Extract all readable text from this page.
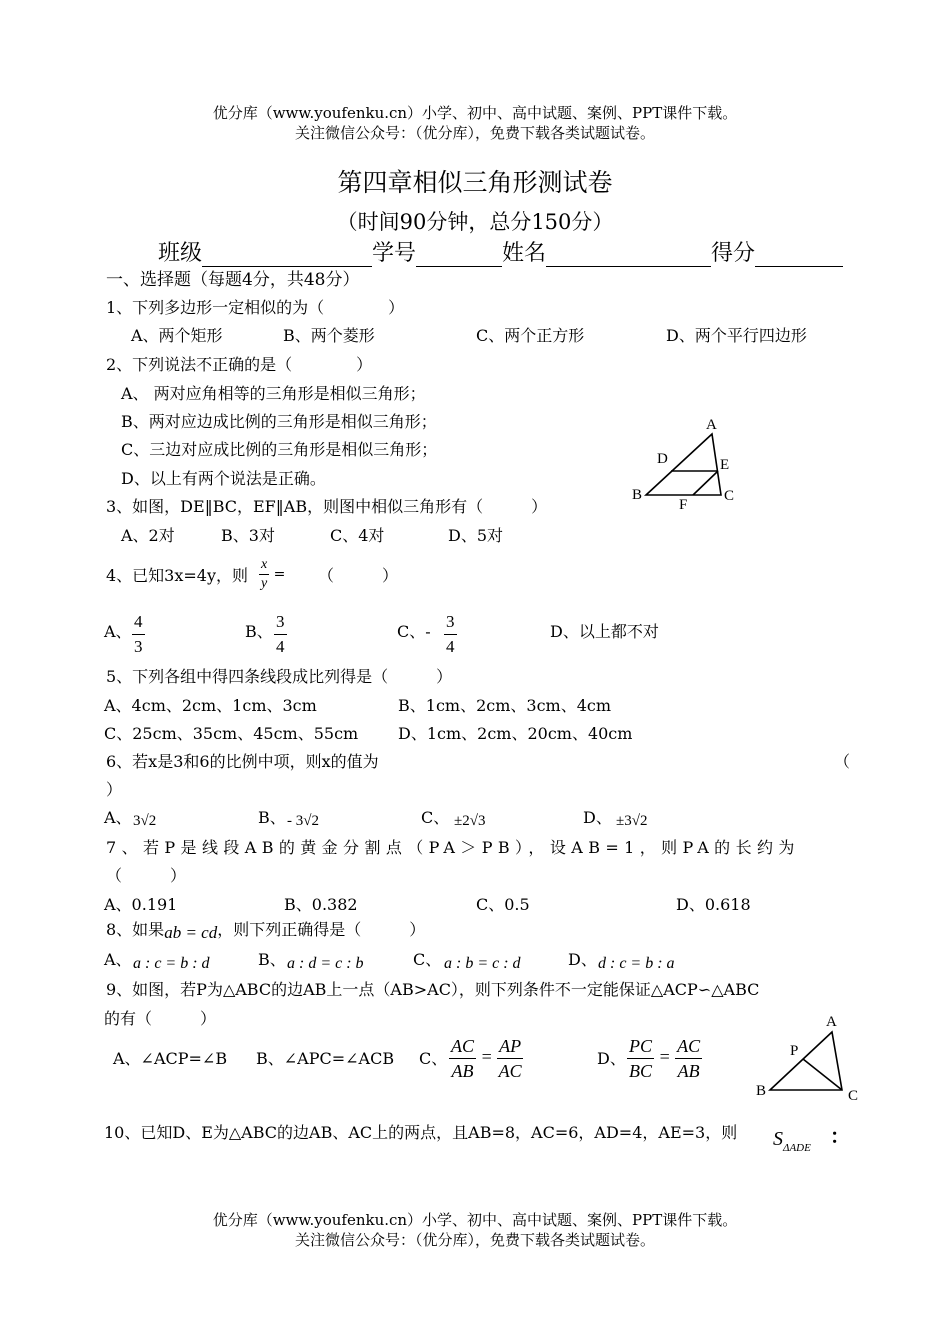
优分库（www.youfenku.cn）小学、初中、高中试题、案例、PPT课件下载。
关注微信公众号：（优分库），免费下载各类试题试卷。
第四章相似三角形测试卷
（时间90分钟，总分150分）
班级	学号	姓名	得分
一、选择题（每题4分，共48分）
1、下列多边形一定相似的为（　　　　）
A、两个矩形	B、两个菱形	C、两个正方形	D、两个平行四边形
2、下列说法不正确的是（　　　　）
A、 两对应角相等的三角形是相似三角形；
B、两对应边成比例的三角形是相似三角形；
C、三边对应成比例的三角形是相似三角形；
D、以上有两个说法是正确。
A
D	E
B
F
C
3、如图，DE‖BC，EF‖AB，则图中相似三角形有（　　　）
A、2对	B、3对	C、4对	D、5对
4、已知3x=4y，则 $\frac{x}{y}$ = （　　　）
A、 $\frac{4}{3}$	B、 $\frac{3}{4}$	C、- $\frac{3}{4}$	D、以上都不对
5、下列各组中得四条线段成比列得是（　　　）
A、4cm、2cm、1cm、3cm	B、1cm、2cm、3cm、4cm
C、25cm、35cm、45cm、55cm D、1cm、2cm、20cm、40cm
6、若x是3和6的比例中项，则x的值为	（
）
A、 3√2	B、 - 3√2	C、 ±2√3	D、 ±3√2
7、若P是线段AB的黄金分割点（PA＞PB），设AB=1，则PA的长约为
（　　　）
A、0.191	B、0.382	C、0.5	D、0.618
8、如果ab = cd，则下列正确得是（　　　）
A、 a : c = b : d	B、 a : d = c : b	C、 a : b = c : d	D、 d : c = b : a
9、如图，若P为△ABC的边AB上一点（AB>AC），则下列条件不一定能保证△ACP∽△ABC
的有（　　　）
A、∠ACP=∠B B、∠APC=∠ACB C、 $\frac{AC}{AB} = \frac{AP}{AC}$	D、 $\frac{PC}{BC} = \frac{AC}{AB}$
A
P
B	C
10、已知D、E为△ABC的边AB、AC上的两点，且AB=8，AC=6，AD=4，AE=3，则 $S_{\Delta ADE}$ ：
优分库（www.youfenku.cn）小学、初中、高中试题、案例、PPT课件下载。
关注微信公众号：（优分库），免费下载各类试题试卷。
